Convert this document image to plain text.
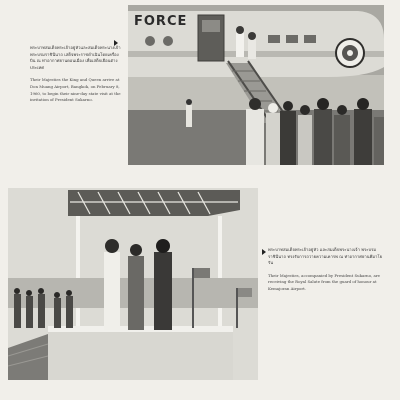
พระบาทสมเด็จพระเจ้าอยู่หัวและสมเด็จพระนางเจ้า พระบรมราชินีนาถ เสด็จพระราชดำเนินโดยเครื่องบิน ณ ท่าอากาศยานดอนเมือง เพื่อเสด็จเยือนต่างประเทศ
Their Majesties the King and Queen arrive at Don Muang Airport, Bangkok, on February 8, 1960, to begin their nine-day state visit at the invitation of President Sukarno.
FORCE
พระบาทสมเด็จพระเจ้าอยู่หัว และสมเด็จพระนางเจ้า พระบรมราชินีนาถ ทรงรับการถวายความเคารพ ณ ท่าอากาศยานคึมาโยรัน
Their Majesties, accompanied by President Sukarno, are receiving the Royal Salute from the guard of honour at Kemajoran Airport.
